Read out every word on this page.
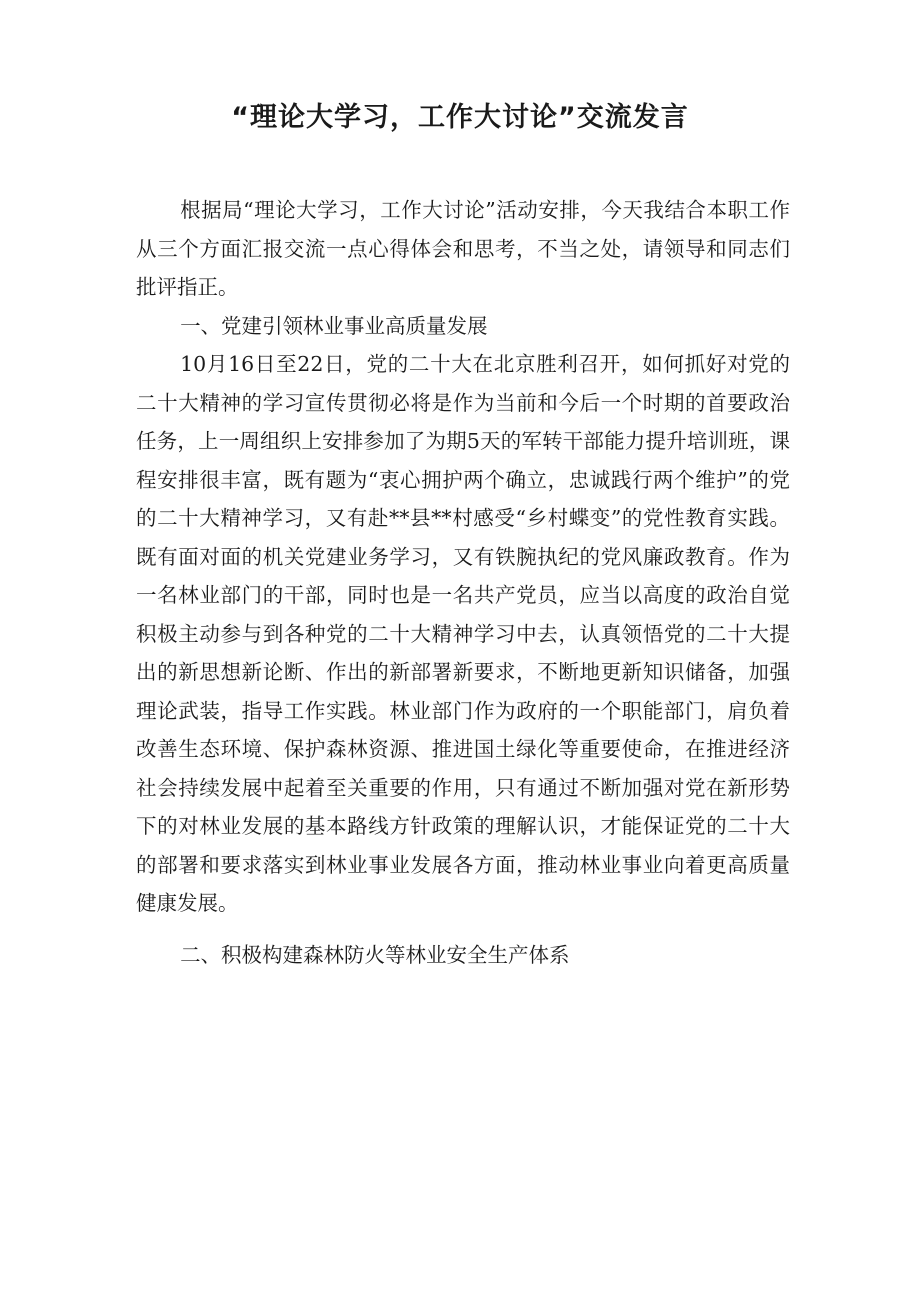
“理论大学习，工作大讨论”交流发言

根据局“理论大学习，工作大讨论”活动安排，今天我结合本职工作从三个方面汇报交流一点心得体会和思考，不当之处，请领导和同志们批评指正。

一、党建引领林业事业高质量发展

10月16日至22日，党的二十大在北京胜利召开，如何抓好对党的二十大精神的学习宣传贯彻必将是作为当前和今后一个时期的首要政治任务，上一周组织上安排参加了为期5天的军转干部能力提升培训班，课程安排很丰富，既有题为“衷心拥护两个确立，忠诚践行两个维护”的党的二十大精神学习，又有赴**县**村感受“乡村蝶变”的党性教育实践。既有面对面的机关党建业务学习，又有铁腕执纪的党风廉政教育。作为一名林业部门的干部，同时也是一名共产党员，应当以高度的政治自觉积极主动参与到各种党的二十大精神学习中去，认真领悟党的二十大提出的新思想新论断、作出的新部署新要求，不断地更新知识储备，加强理论武装，指导工作实践。林业部门作为政府的一个职能部门，肩负着改善生态环境、保护森林资源、推进国土绿化等重要使命，在推进经济社会持续发展中起着至关重要的作用，只有通过不断加强对党在新形势下的对林业发展的基本路线方针政策的理解认识，才能保证党的二十大的部署和要求落实到林业事业发展各方面，推动林业事业向着更高质量健康发展。

二、积极构建森林防火等林业安全生产体系
